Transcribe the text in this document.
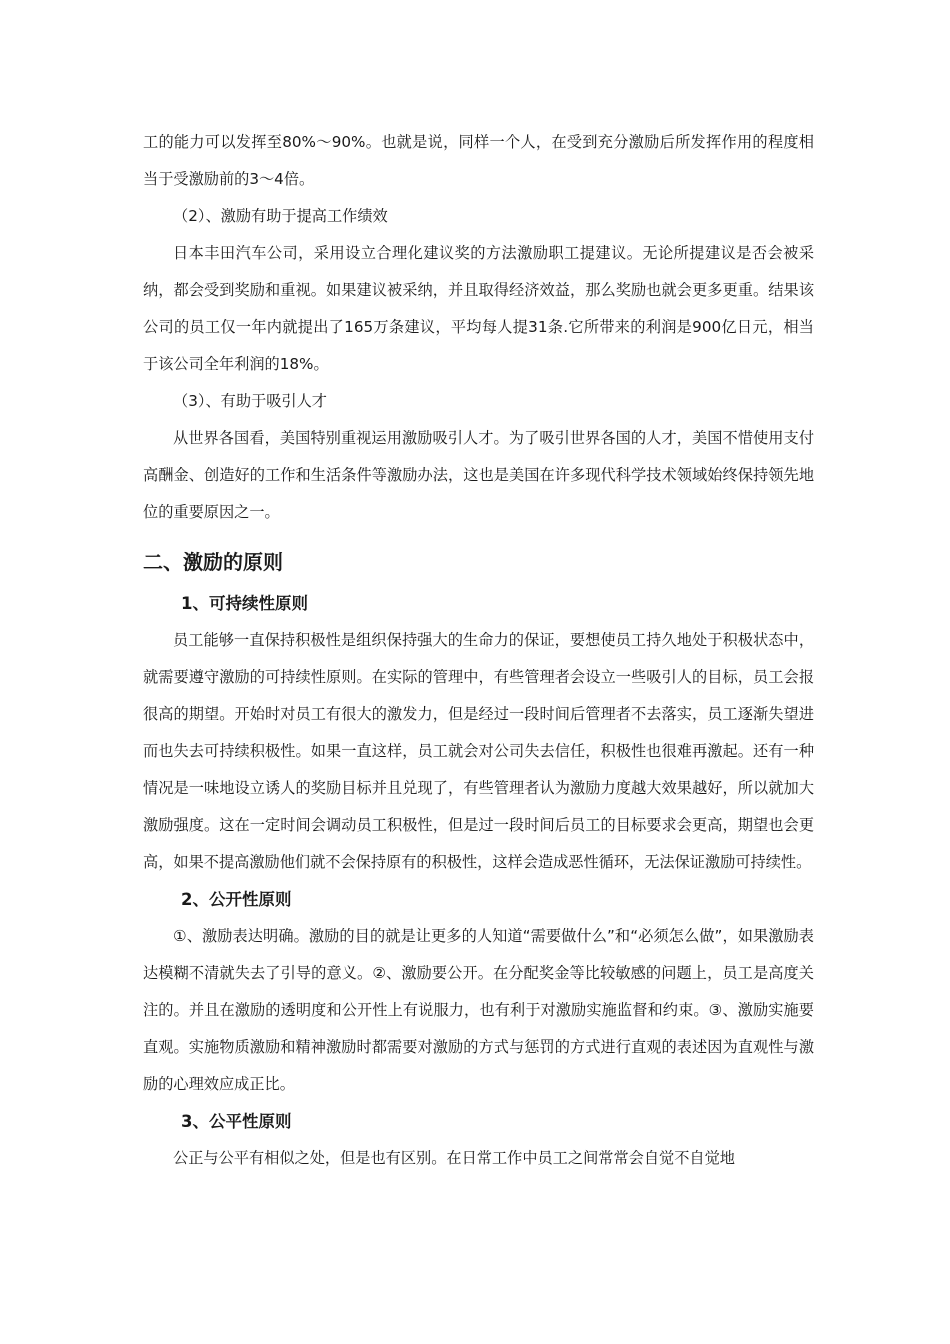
工的能力可以发挥至80%～90%。也就是说，同样一个人，在受到充分激励后所发挥作用的程度相当于受激励前的3～4倍。

（2）、激励有助于提高工作绩效

日本丰田汽车公司，采用设立合理化建议奖的方法激励职工提建议。无论所提建议是否会被采纳，都会受到奖励和重视。如果建议被采纳，并且取得经济效益，那么奖励也就会更多更重。结果该公司的员工仅一年内就提出了165万条建议，平均每人提31条.它所带来的利润是900亿日元，相当于该公司全年利润的18%。

（3）、有助于吸引人才

从世界各国看，美国特别重视运用激励吸引人才。为了吸引世界各国的人才，美国不惜使用支付高酬金、创造好的工作和生活条件等激励办法，这也是美国在许多现代科学技术领域始终保持领先地位的重要原因之一。

二、激励的原则
1、可持续性原则

员工能够一直保持积极性是组织保持强大的生命力的保证，要想使员工持久地处于积极状态中，就需要遵守激励的可持续性原则。在实际的管理中，有些管理者会设立一些吸引人的目标，员工会报很高的期望。开始时对员工有很大的激发力，但是经过一段时间后管理者不去落实，员工逐渐失望进而也失去可持续积极性。如果一直这样，员工就会对公司失去信任，积极性也很难再激起。还有一种情况是一味地设立诱人的奖励目标并且兑现了，有些管理者认为激励力度越大效果越好，所以就加大激励强度。这在一定时间会调动员工积极性，但是过一段时间后员工的目标要求会更高，期望也会更高，如果不提高激励他们就不会保持原有的积极性，这样会造成恶性循环，无法保证激励可持续性。

2、公开性原则

①、激励表达明确。激励的目的就是让更多的人知道“需要做什么”和“必须怎么做”，如果激励表达模糊不清就失去了引导的意义。②、激励要公开。在分配奖金等比较敏感的问题上，员工是高度关注的。并且在激励的透明度和公开性上有说服力，也有利于对激励实施监督和约束。③、激励实施要直观。实施物质激励和精神激励时都需要对激励的方式与惩罚的方式进行直观的表述因为直观性与激励的心理效应成正比。

3、公平性原则

公正与公平有相似之处，但是也有区别。在日常工作中员工之间常常会自觉不自觉地
